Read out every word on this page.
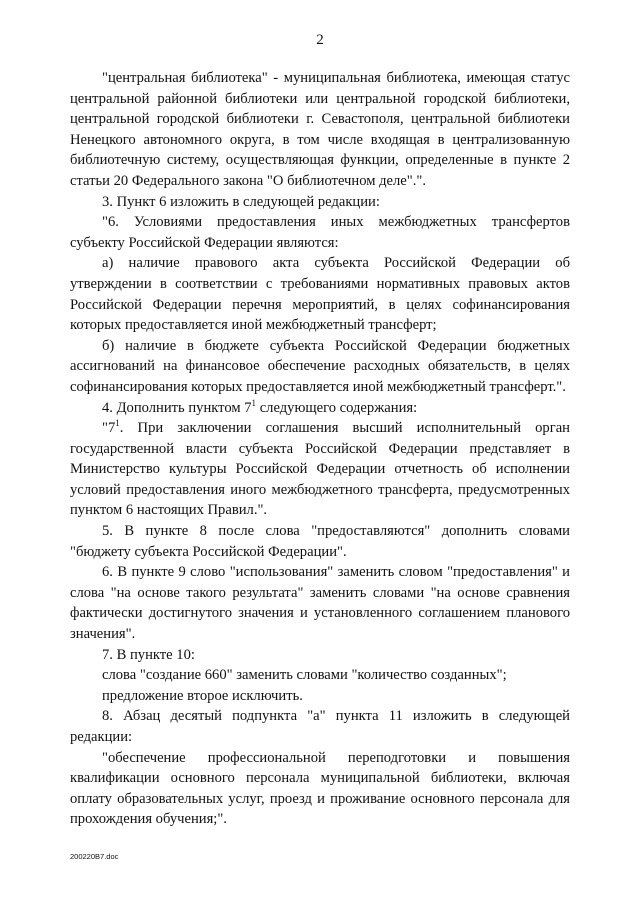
2

"центральная библиотека" - муниципальная библиотека, имеющая статус центральной районной библиотеки или центральной городской библиотеки, центральной городской библиотеки г. Севастополя, центральной библиотеки Ненецкого автономного округа, в том числе входящая в централизованную библиотечную систему, осуществляющая функции, определенные в пункте 2 статьи 20 Федерального закона "О библиотечном деле".".

3. Пункт 6 изложить в следующей редакции:

"6. Условиями предоставления иных межбюджетных трансфертов субъекту Российской Федерации являются:

а) наличие правового акта субъекта Российской Федерации об утверждении в соответствии с требованиями нормативных правовых актов Российской Федерации перечня мероприятий, в целях софинансирования которых предоставляется иной межбюджетный трансферт;

б) наличие в бюджете субъекта Российской Федерации бюджетных ассигнований на финансовое обеспечение расходных обязательств, в целях софинансирования которых предоставляется иной межбюджетный трансферт.".

4. Дополнить пунктом $7^1$ следующего содержания:

"$7^1$. При заключении соглашения высший исполнительный орган государственной власти субъекта Российской Федерации представляет в Министерство культуры Российской Федерации отчетность об исполнении условий предоставления иного межбюджетного трансферта, предусмотренных пунктом 6 настоящих Правил.".

5. В пункте 8 после слова "предоставляются" дополнить словами "бюджету субъекта Российской Федерации".

6. В пункте 9 слово "использования" заменить словом "предоставления" и слова "на основе такого результата" заменить словами "на основе сравнения фактически достигнутого значения и установленного соглашением планового значения".

7. В пункте 10:

слова "создание 660" заменить словами "количество созданных";

предложение второе исключить.

8. Абзац десятый подпункта "а" пункта 11 изложить в следующей редакции:

"обеспечение профессиональной переподготовки и повышения квалификации основного персонала муниципальной библиотеки, включая оплату образовательных услуг, проезд и проживание основного персонала для прохождения обучения;".

200220В7.doc
